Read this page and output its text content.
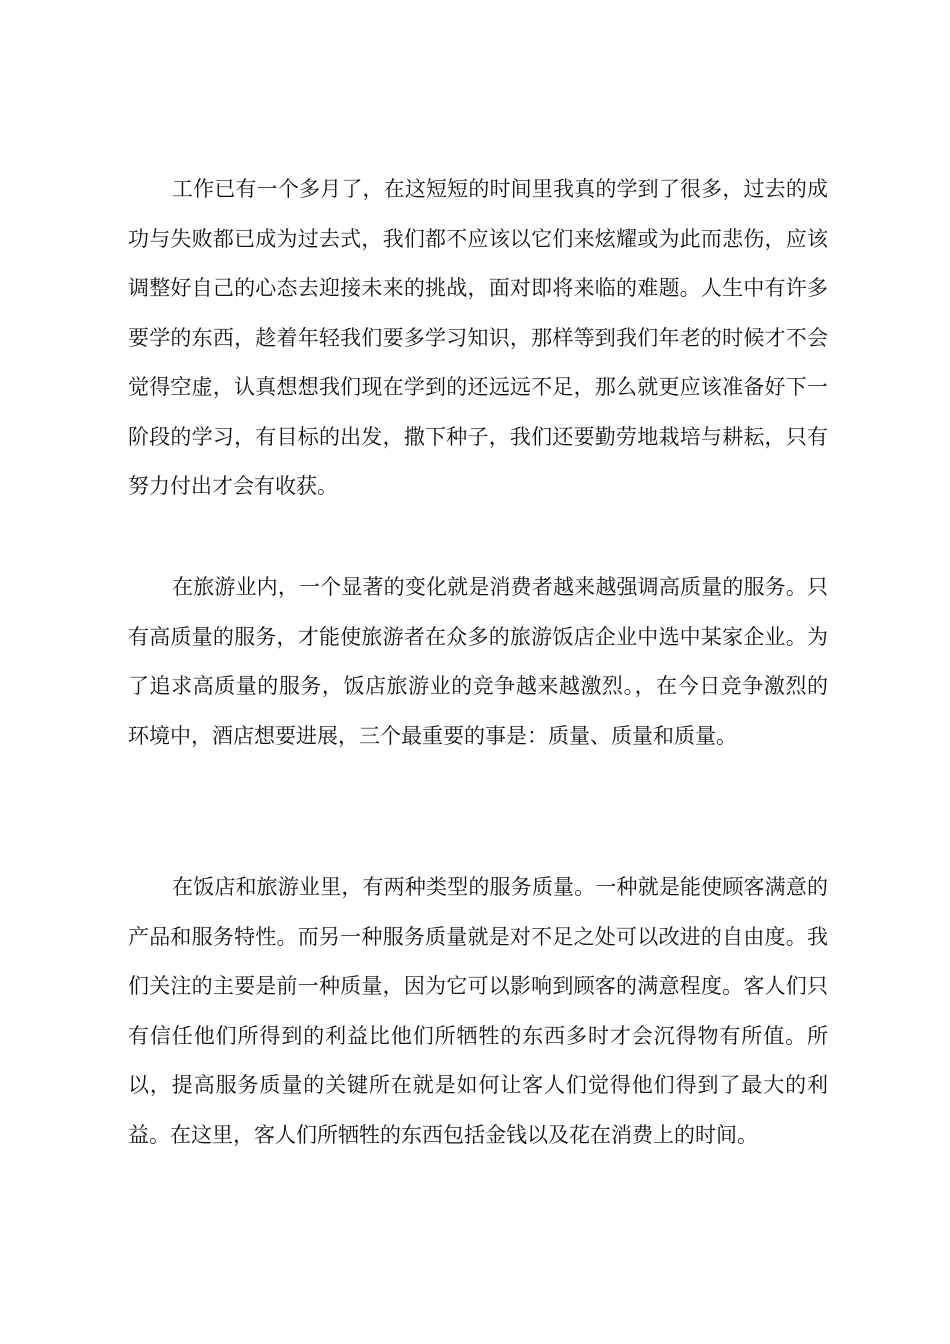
工作已有一个多月了，在这短短的时间里我真的学到了很多，过去的成功与失败都已成为过去式，我们都不应该以它们来炫耀或为此而悲伤，应该调整好自己的心态去迎接未来的挑战，面对即将来临的难题。人生中有许多要学的东西，趁着年轻我们要多学习知识，那样等到我们年老的时候才不会觉得空虚，认真想想我们现在学到的还远远不足，那么就更应该准备好下一阶段的学习，有目标的出发，撒下种子，我们还要勤劳地栽培与耕耘，只有努力付出才会有收获。

在旅游业内，一个显著的变化就是消费者越来越强调高质量的服务。只有高质量的服务，才能使旅游者在众多的旅游饭店企业中选中某家企业。为了追求高质量的服务，饭店旅游业的竞争越来越激烈。，在今日竞争激烈的环境中，酒店想要进展，三个最重要的事是：质量、质量和质量。

在饭店和旅游业里，有两种类型的服务质量。一种就是能使顾客满意的产品和服务特性。而另一种服务质量就是对不足之处可以改进的自由度。我们关注的主要是前一种质量，因为它可以影响到顾客的满意程度。客人们只有信任他们所得到的利益比他们所牺牲的东西多时才会沉得物有所值。所以，提高服务质量的关键所在就是如何让客人们觉得他们得到了最大的利益。在这里，客人们所牺牲的东西包括金钱以及花在消费上的时间。
